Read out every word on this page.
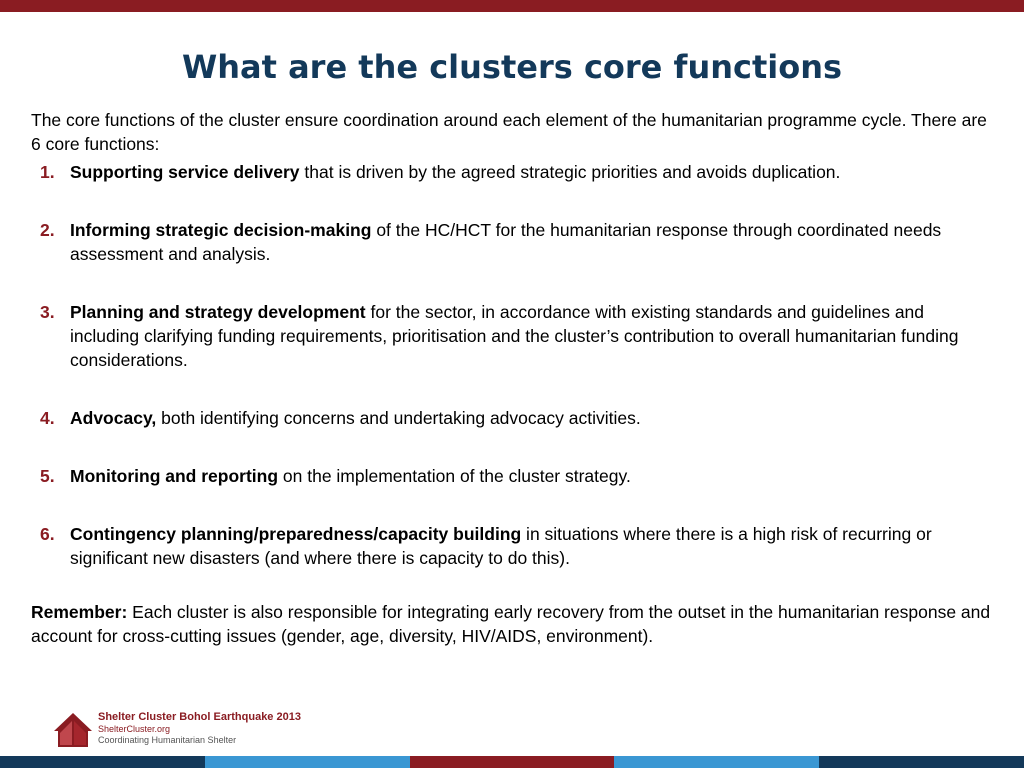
What are the clusters core functions

The core functions of the cluster ensure coordination around each element of the humanitarian programme cycle. There are 6 core functions:

1. Supporting service delivery that is driven by the agreed strategic priorities and avoids duplication.
2. Informing strategic decision-making of the HC/HCT for the humanitarian response through coordinated needs assessment and analysis.
3. Planning and strategy development for the sector, in accordance with existing standards and guidelines and including clarifying funding requirements, prioritisation and the cluster’s contribution to overall humanitarian funding considerations.
4. Advocacy, both identifying concerns and undertaking advocacy activities.
5. Monitoring and reporting on the implementation of the cluster strategy.
6. Contingency planning/preparedness/capacity building in situations where there is a high risk of recurring or significant new disasters (and where there is capacity to do this).

Remember: Each cluster is also responsible for integrating early recovery from the outset in the humanitarian response and account for cross-cutting issues (gender, age, diversity, HIV/AIDS, environment).

Shelter Cluster Bohol Earthquake 2013
ShelterCluster.org
Coordinating Humanitarian Shelter
